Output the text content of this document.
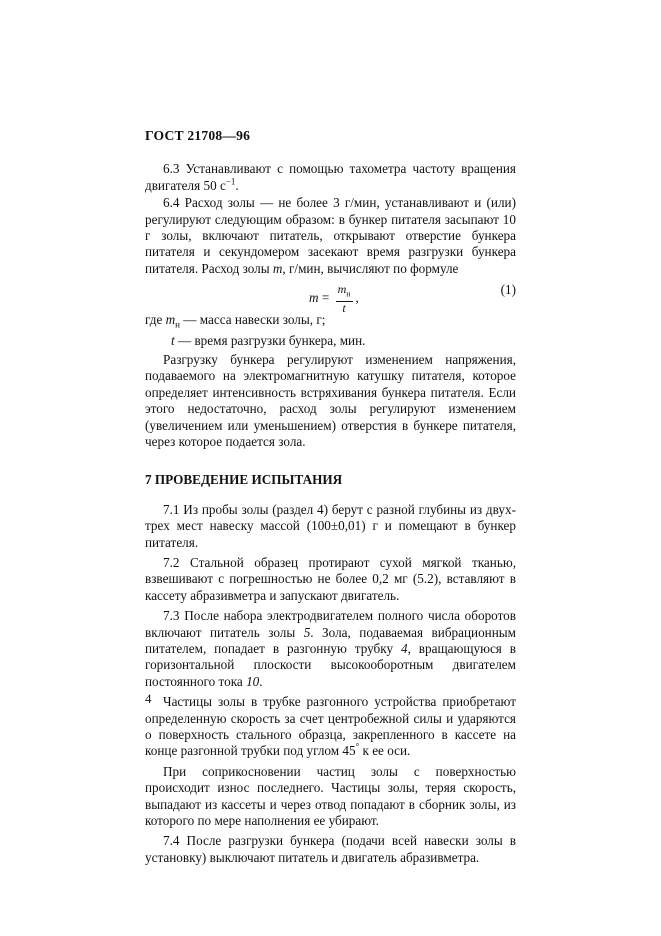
ГОСТ 21708—96

6.3 Устанавливают с помощью тахометра частоту вращения двигателя 50 $с^{-1}$.

6.4 Расход золы — не более 3 г/мин, устанавливают и (или) регулируют следующим образом: в бункер питателя засыпают 10 г золы, включают питатель, открывают отверстие бункера питателя и секундомером засекают время разгрузки бункера питателя. Расход золы m, г/мин, вычисляют по формуле

$m = \frac{m_н}{t}$ ,
(1)
где $m_н$ — масса навески золы, г;
t — время разгрузки бункера, мин.

Разгрузку бункера регулируют изменением напряжения, подаваемого на электромагнитную катушку питателя, которое определяет интенсивность встряхивания бункера питателя. Если этого недостаточно, расход золы регулируют изменением (увеличением или уменьшением) отверстия в бункере питателя, через которое подается зола.

7 ПРОВЕДЕНИЕ ИСПЫТАНИЯ

7.1 Из пробы золы (раздел 4) берут с разной глубины из двух-трех мест навеску массой (100±0,01) г и помещают в бункер питателя.

7.2 Стальной образец протирают сухой мягкой тканью, взвешивают с погрешностью не более 0,2 мг (5.2), вставляют в кассету абразивметра и запускают двигатель.

7.3 После набора электродвигателем полного числа оборотов включают питатель золы 5. Зола, подаваемая вибрационным питателем, попадает в разгонную трубку 4, вращающуюся в горизонтальной плоскости высокооборотным двигателем постоянного тока 10.

Частицы золы в трубке разгонного устройства приобретают определенную скорость за счет центробежной силы и ударяются о поверхность стального образца, закрепленного в кассете на конце разгонной трубки под углом 45° к ее оси.

При соприкосновении частиц золы с поверхностью происходит износ последнего. Частицы золы, теряя скорость, выпадают из кассеты и через отвод попадают в сборник золы, из которого по мере наполнения ее убирают.

7.4 После разгрузки бункера (подачи всей навески золы в установку) выключают питатель и двигатель абразивметра.

4
